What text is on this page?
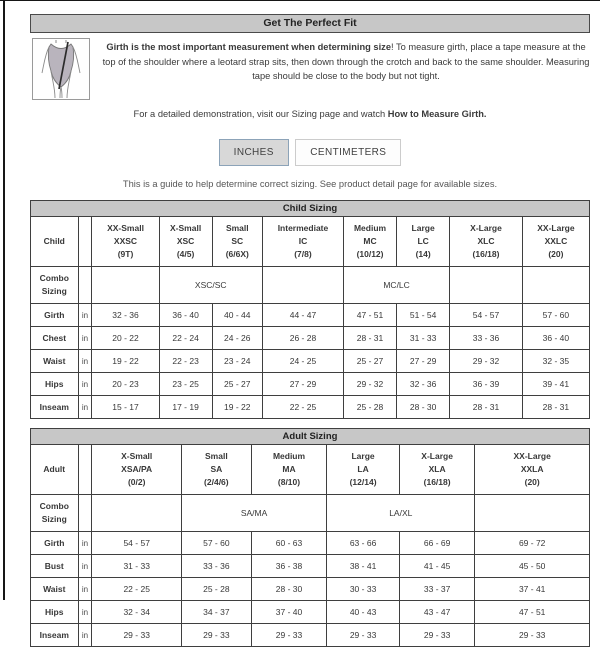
Get The Perfect Fit
Girth is the most important measurement when determining size! To measure girth, place a tape measure at the top of the shoulder where a leotard strap sits, then down through the crotch and back to the same shoulder. Measuring tape should be close to the body but not tight.
For a detailed demonstration, visit our Sizing page and watch How to Measure Girth.
INCHES	CENTIMETERS
This is a guide to help determine correct sizing. See product detail page for available sizes.
Child Sizing									
Child		XX-Small
XXSC
(9T)	X-Small
XSC
(4/5)	Small
SC
(6/6X)	Intermediate
IC
(7/8)	Medium
MC
(10/12)	Large
LC
(14)	X-Large
XLC
(16/18)	XX-Large
XXLC
(20)

Combo Sizing			XSC/SC			MC/LC			
Girth	in	32 - 36	36 - 40	40 - 44	44 - 47	47 - 51	51 - 54	54 - 57	57 - 60
Chest	in	20 - 22	22 - 24	24 - 26	26 - 28	28 - 31	31 - 33	33 - 36	36 - 40
Waist	in	19 - 22	22 - 23	23 - 24	24 - 25	25 - 27	27 - 29	29 - 32	32 - 35
Hips	in	20 - 23	23 - 25	25 - 27	27 - 29	29 - 32	32 - 36	36 - 39	39 - 41
Inseam	in	15 - 17	17 - 19	19 - 22	22 - 25	25 - 28	28 - 30	28 - 31	28 - 31
Adult Sizing							
Adult		X-Small
XSA/PA
(0/2)	Small
SA
(2/4/6)	Medium
MA
(8/10)	Large
LA
(12/14)	X-Large
XLA
(16/18)	XX-Large
XXLA
(20)

Combo Sizing			SA/MA		LA/XL		
Girth	in	54 - 57	57 - 60	60 - 63	63 - 66	66 - 69	69 - 72
Bust	in	31 - 33	33 - 36	36 - 38	38 - 41	41 - 45	45 - 50
Waist	in	22 - 25	25 - 28	28 - 30	30 - 33	33 - 37	37 - 41
Hips	in	32 - 34	34 - 37	37 - 40	40 - 43	43 - 47	47 - 51
Inseam	in	29 - 33	29 - 33	29 - 33	29 - 33	29 - 33	29 - 33
